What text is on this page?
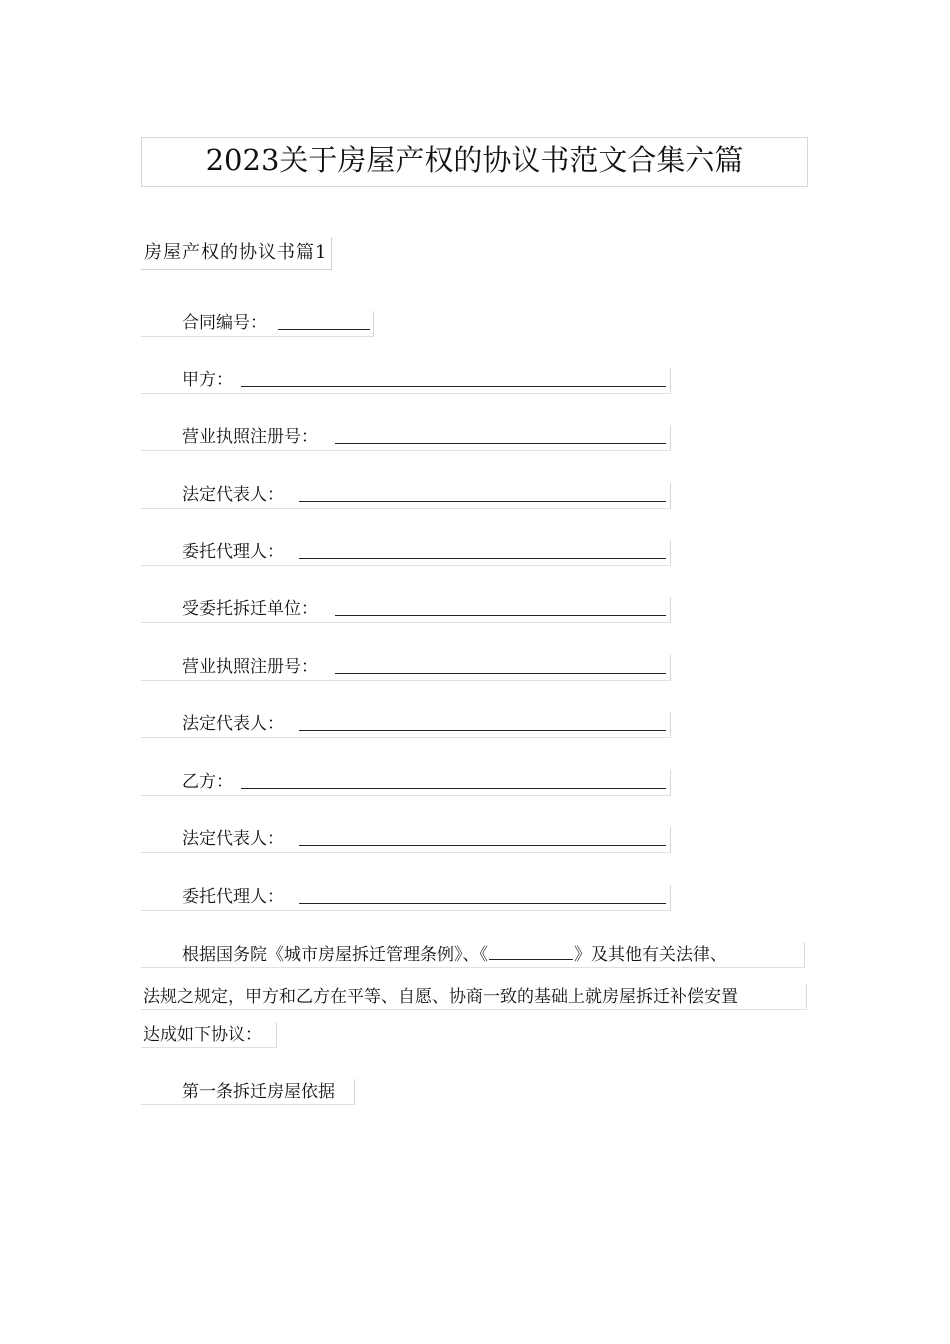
2023关于房屋产权的协议书范文合集六篇
房屋产权的协议书篇1
合同编号：
甲方：
营业执照注册号：
法定代表人：
委托代理人：
受委托拆迁单位：
营业执照注册号：
法定代表人：
乙方：
法定代表人：
委托代理人：
根据国务院《城市房屋拆迁管理条例》、《	》及其他有关法律、
法规之规定，甲方和乙方在平等、自愿、协商一致的基础上就房屋拆迁补偿安置
达成如下协议：
第一条拆迁房屋依据
